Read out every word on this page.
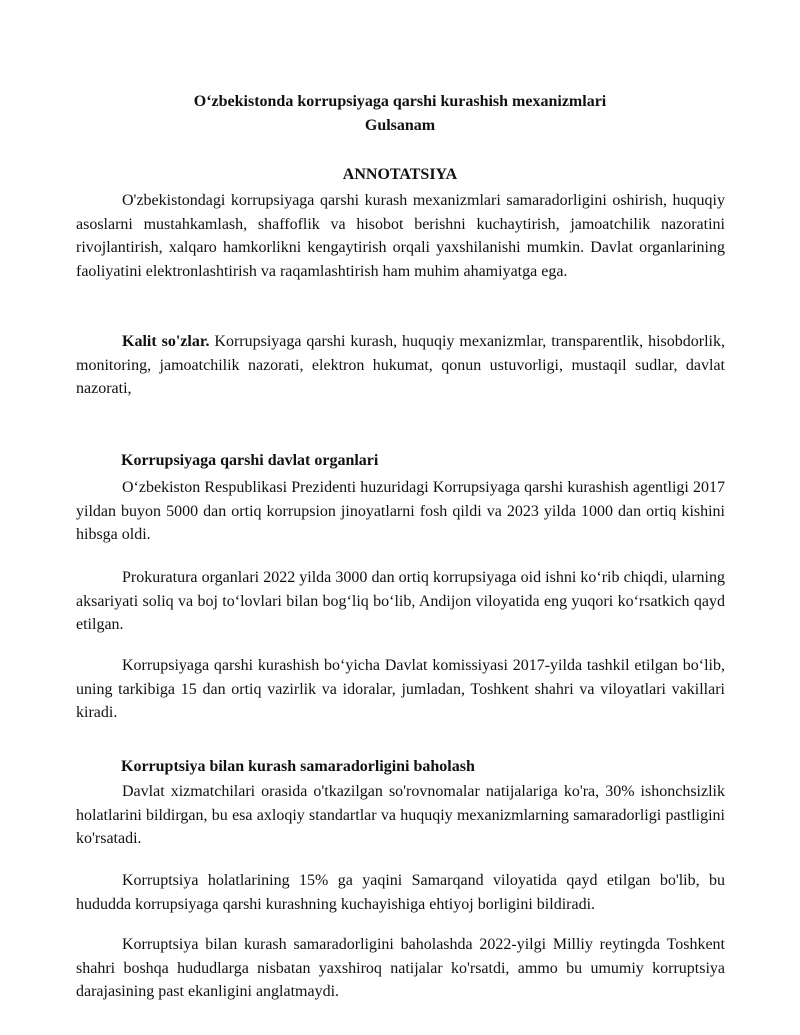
O‘zbekistonda korrupsiyaga qarshi kurashish mexanizmlari
Gulsanam
ANNOTATSIYA

O'zbekistondagi korrupsiyaga qarshi kurash mexanizmlari samaradorligini oshirish, huquqiy asoslarni mustahkamlash, shaffoflik va hisobot berishni kuchaytirish, jamoatchilik nazoratini rivojlantirish, xalqaro hamkorlikni kengaytirish orqali yaxshilanishi mumkin. Davlat organlarining faoliyatini elektronlashtirish va raqamlashtirish ham muhim ahamiyatga ega.

Kalit so'zlar. Korrupsiyaga qarshi kurash, huquqiy mexanizmlar, transparentlik, hisobdorlik, monitoring, jamoatchilik nazorati, elektron hukumat, qonun ustuvorligi, mustaqil sudlar, davlat nazorati,

Korrupsiyaga qarshi davlat organlari

O‘zbekiston Respublikasi Prezidenti huzuridagi Korrupsiyaga qarshi kurashish agentligi 2017 yildan buyon 5000 dan ortiq korrupsion jinoyatlarni fosh qildi va 2023 yilda 1000 dan ortiq kishini hibsga oldi.

Prokuratura organlari 2022 yilda 3000 dan ortiq korrupsiyaga oid ishni ko‘rib chiqdi, ularning aksariyati soliq va boj to‘lovlari bilan bog‘liq bo‘lib, Andijon viloyatida eng yuqori ko‘rsatkich qayd etilgan.

Korrupsiyaga qarshi kurashish bo‘yicha Davlat komissiyasi 2017-yilda tashkil etilgan bo‘lib, uning tarkibiga 15 dan ortiq vazirlik va idoralar, jumladan, Toshkent shahri va viloyatlari vakillari kiradi.

Korruptsiya bilan kurash samaradorligini baholash

Davlat xizmatchilari orasida o'tkazilgan so'rovnomalar natijalariga ko'ra, 30% ishonchsizlik holatlarini bildirgan, bu esa axloqiy standartlar va huquqiy mexanizmlarning samaradorligi pastligini ko'rsatadi.

Korruptsiya holatlarining 15% ga yaqini Samarqand viloyatida qayd etilgan bo'lib, bu hududda korrupsiyaga qarshi kurashning kuchayishiga ehtiyoj borligini bildiradi.

Korruptsiya bilan kurash samaradorligini baholashda 2022-yilgi Milliy reytingda Toshkent shahri boshqa hududlarga nisbatan yaxshiroq natijalar ko'rsatdi, ammo bu umumiy korruptsiya darajasining past ekanligini anglatmaydi.
